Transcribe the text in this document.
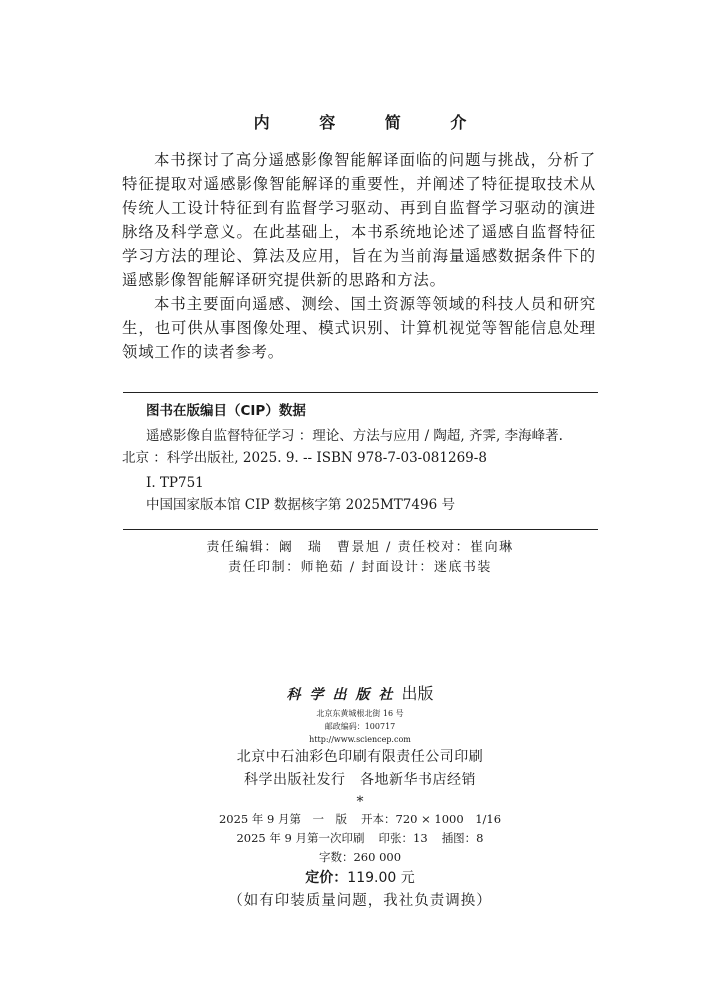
内 容 简 介

本书探讨了高分遥感影像智能解译面临的问题与挑战，分析了特征提取对遥感影像智能解译的重要性，并阐述了特征提取技术从传统人工设计特征到有监督学习驱动、再到自监督学习驱动的演进脉络及科学意义。在此基础上，本书系统地论述了遥感自监督特征学习方法的理论、算法及应用，旨在为当前海量遥感数据条件下的遥感影像智能解译研究提供新的思路和方法。

本书主要面向遥感、测绘、国土资源等领域的科技人员和研究生，也可供从事图像处理、模式识别、计算机视觉等智能信息处理领域工作的读者参考。

图书在版编目（CIP）数据
遥感影像自监督特征学习 ：理论、方法与应用 / 陶超, 齐霁, 李海峰著.
北京 ：科学出版社, 2025. 9. -- ISBN 978-7-03-081269-8
Ⅰ. TP751
中国国家版本馆 CIP 数据核字第 2025MT7496 号
责任编辑：阚　瑞　曹景旭 / 责任校对：崔向琳
责任印制：师艳茹 / 封面设计：迷底书装
科学出版社出版
北京东黄城根北街 16 号
邮政编码：100717
http://www.sciencep.com
北京中石油彩色印刷有限责任公司印刷
科学出版社发行　各地新华书店经销
*
2025 年 9 月第　一　版 开本：720 × 1000　1/16
2025 年 9 月第一次印刷 印张：13 插图：8
字数：260 000
定价：119.00 元
（如有印装质量问题，我社负责调换）
